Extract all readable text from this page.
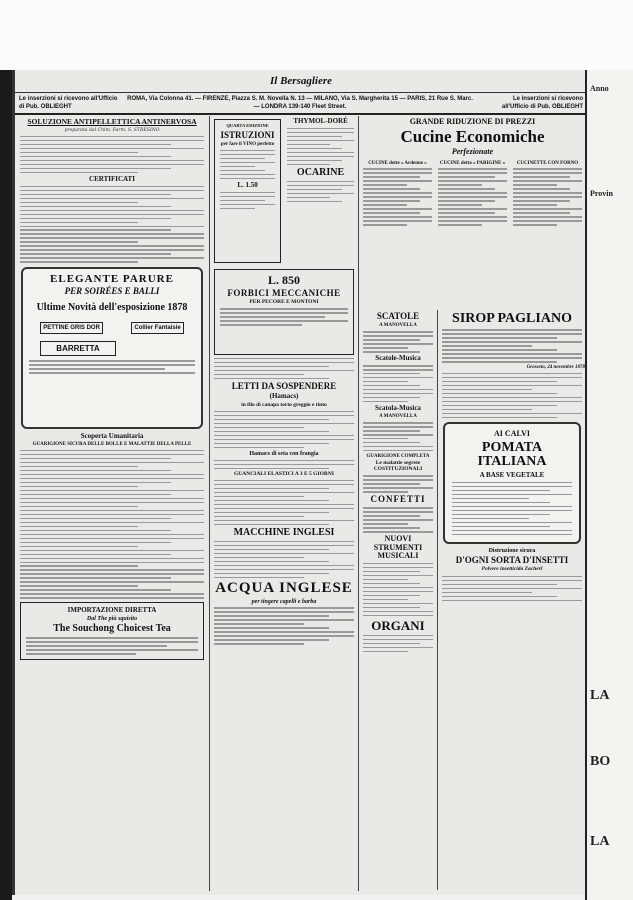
Il Bersagliere
Le inserzioni si ricevono all'Ufficio di Pub. OBLIEGHT
ROMA, Via Colonna 41. — FIRENZE, Piazza S. M. Novella N. 13 — MILANO, Via S. Margherita 15 — PARIS, 21 Rue S. Marc. — LONDRA 139-140 Fleet Street.
Le inserzioni si ricevono all'Ufficio di Pub. OBLIEGHT
SOLUZIONE ANTIPELLETTICA ANTINERVOSA
preparata dal Chim. Farm. S. STRESINO
CERTIFICATI
ELEGANTE PARURE
PER SOIRÉES E BALLI
Ultime Novità dell'esposizione 1878
PETTINE GRIS DOR	Collier Fantaisie
BARRETTA
Scoperta Umanitaria
GUARIGIONE SICURA DELLE BOLLE E MALATTIE DELLA PELLE
IMPORTAZIONE DIRETTA
Dal The più squisito
The Souchong Choicest Tea
QUARTA EDIZIONE
ISTRUZIONI
per fare il VINO perfetto
L. 1.50
THYMOL-DORÉ
OCARINE
L. 850
FORBICI MECCANICHE
PER PECORE E MONTONI
LETTI DA SOSPENDERE
(Hamacs)
in filo di canapa torto greggio e tinto
Hamacs di seta con frangia
GUANCIALI ELASTICI A 3 E 5 GIORNI
MACCHINE INGLESI
ACQUA INGLESE
per tingere capelli e barba
SCATOLE
A MANOVELLA
Scatole-Musica
Scatola-Musica
A MANOVELLA
GUARIGIONE COMPLETA
Le malattie segrete COSTITUZIONALI
CONFETTI
NUOVI STRUMENTI MUSICALI
ORGANI
GRANDE RIDUZIONE DI PREZZI
Cucine Economiche
Perfezionate
CUCINE dette « Ardenne »	CUCINE detta « PARIGINE »	CUCINETTE CON FORNO
SIROP PAGLIANO
Grosseto, 24 novembre 1878
AI CALVI
POMATA ITALIANA
A BASE VEGETALE
Distruzione sicura
D'OGNI SORTA D'INSETTI
Polvere insetticida Zacherl
Anno
Provin
LA
BO
LA
